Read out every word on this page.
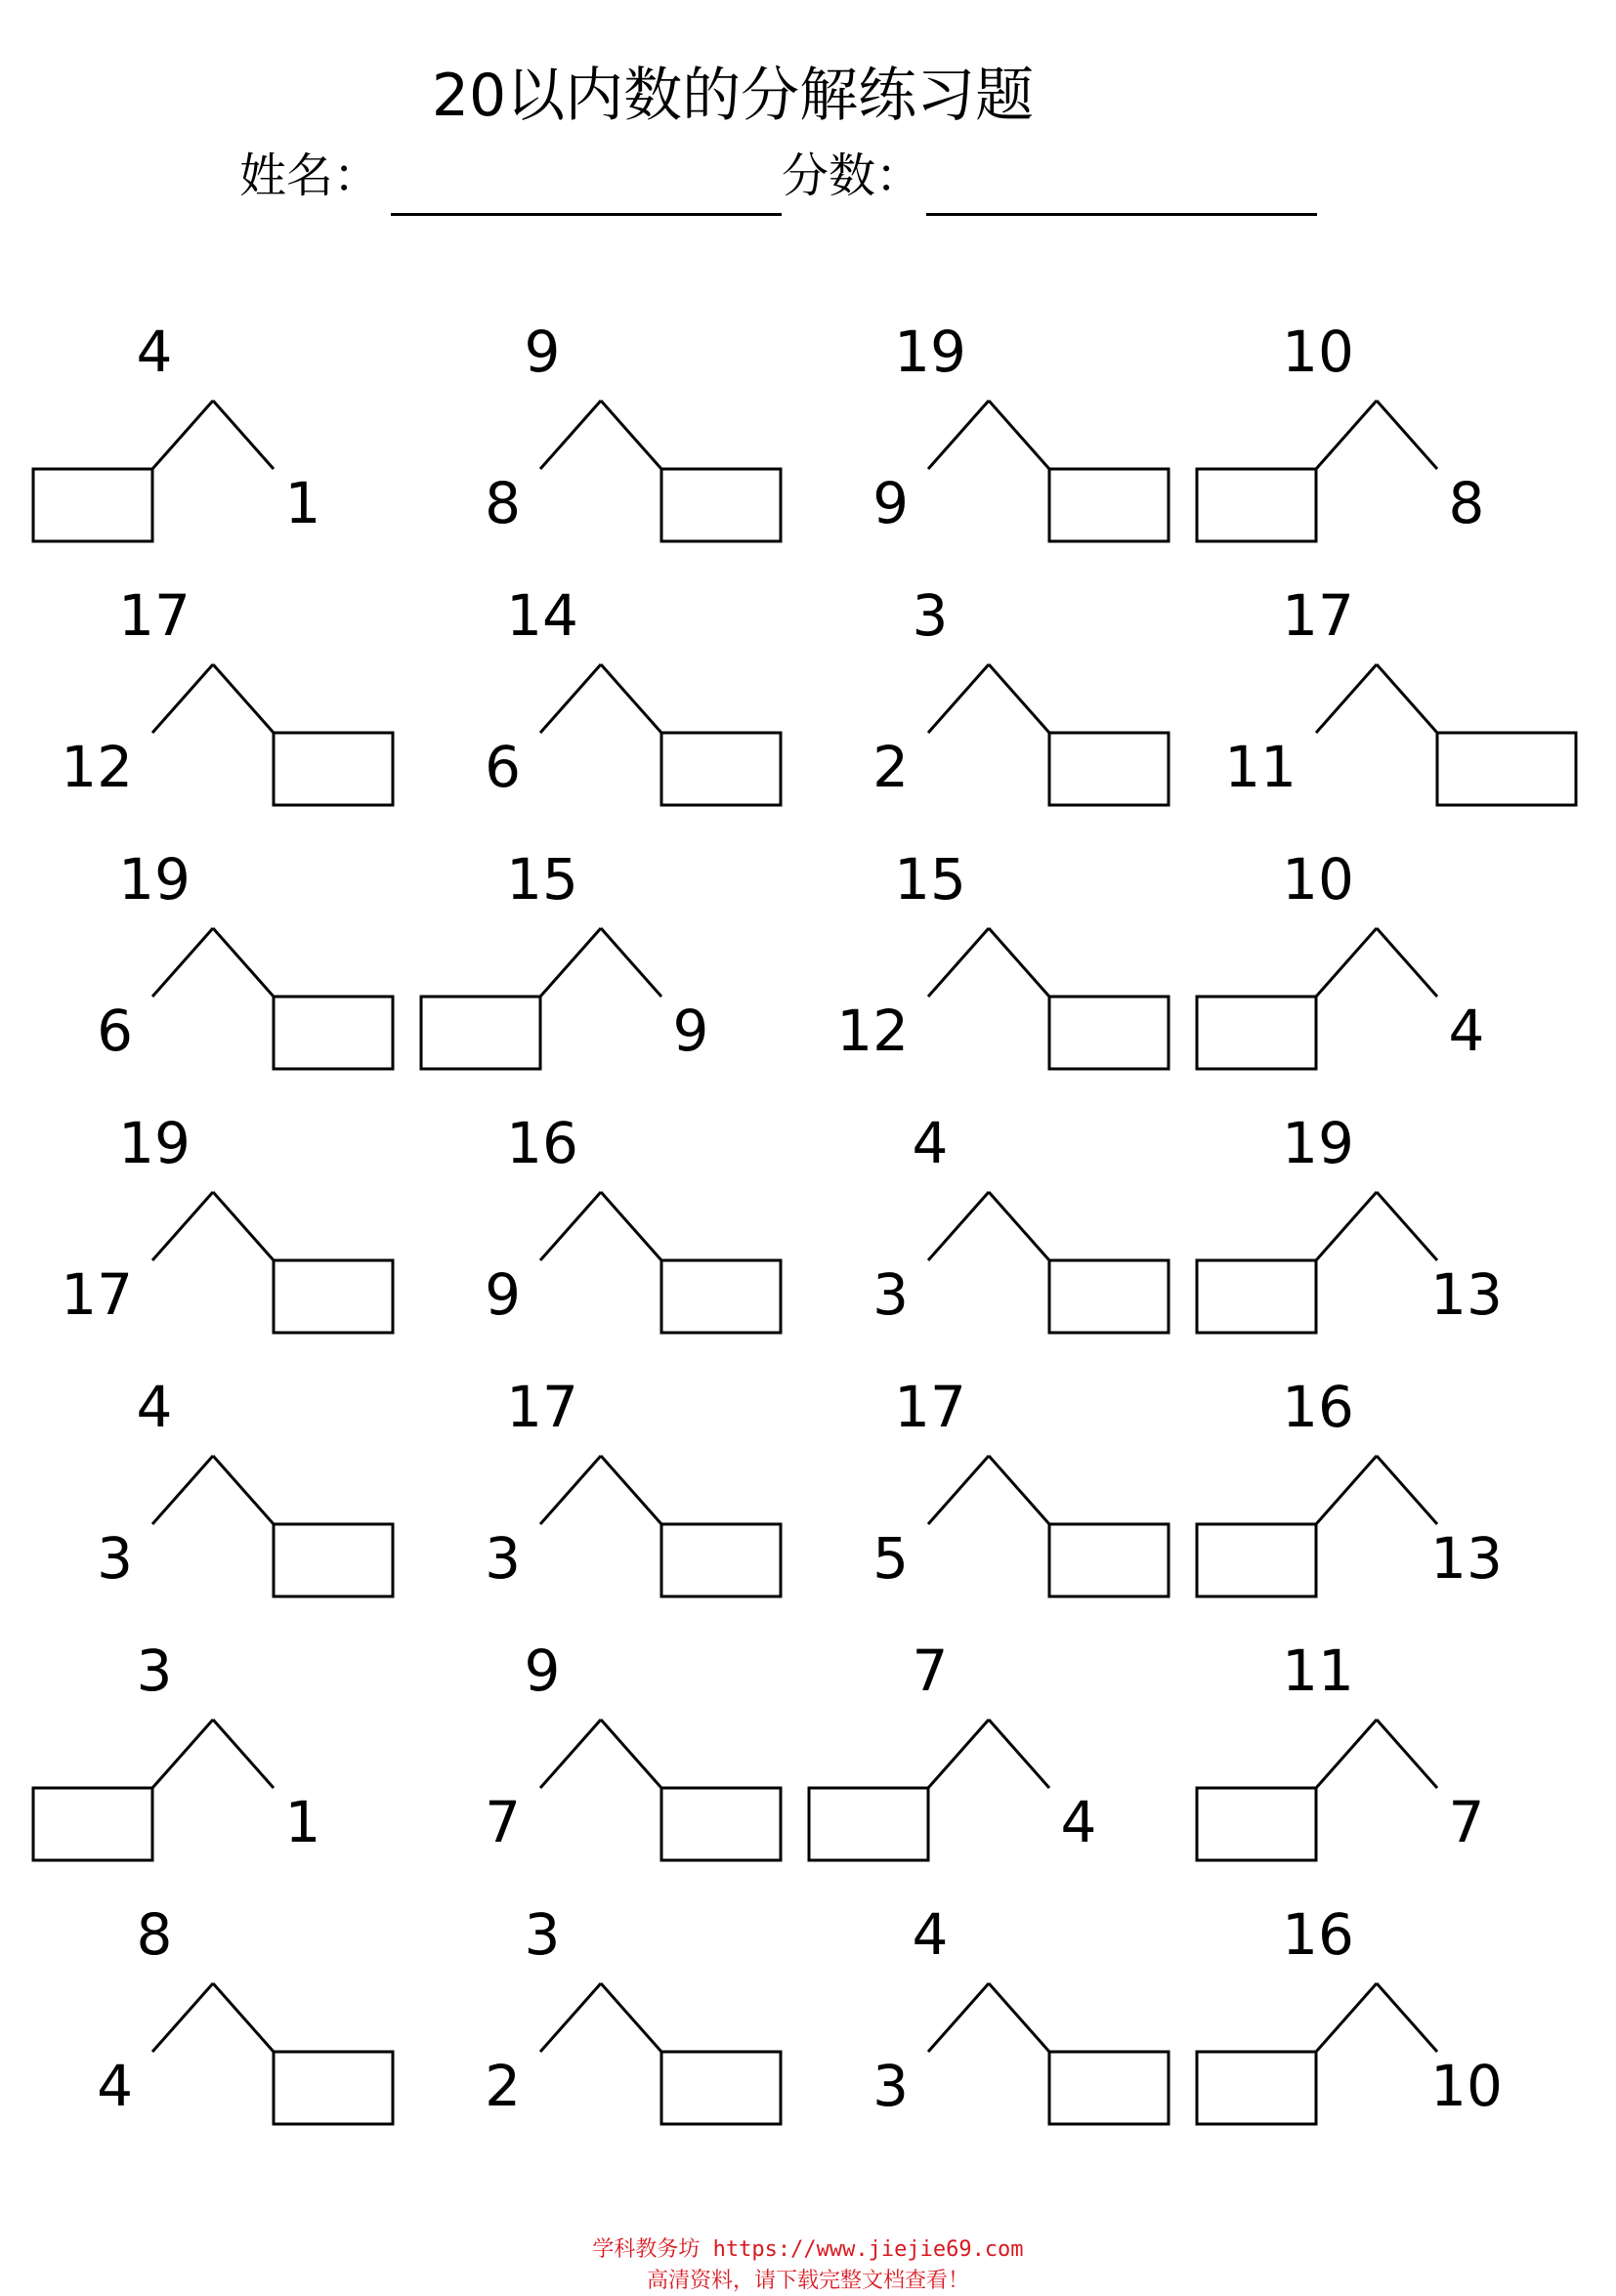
20以内数的分解练习题
姓名：	分数：
4
1
9
8
19
9
10
8
17
12
14
6
3
2
17
11
19
6
15
9
15
12
10
4
19
17
16
9
4
3
19
13
4
3
17
3
17
5
16
13
3
1
9
7
7
4
11
7
8
4
3
2
4
3
16
10
学科教务坊 https://www.jiejie69.com
高清资料，请下载完整文档查看！
